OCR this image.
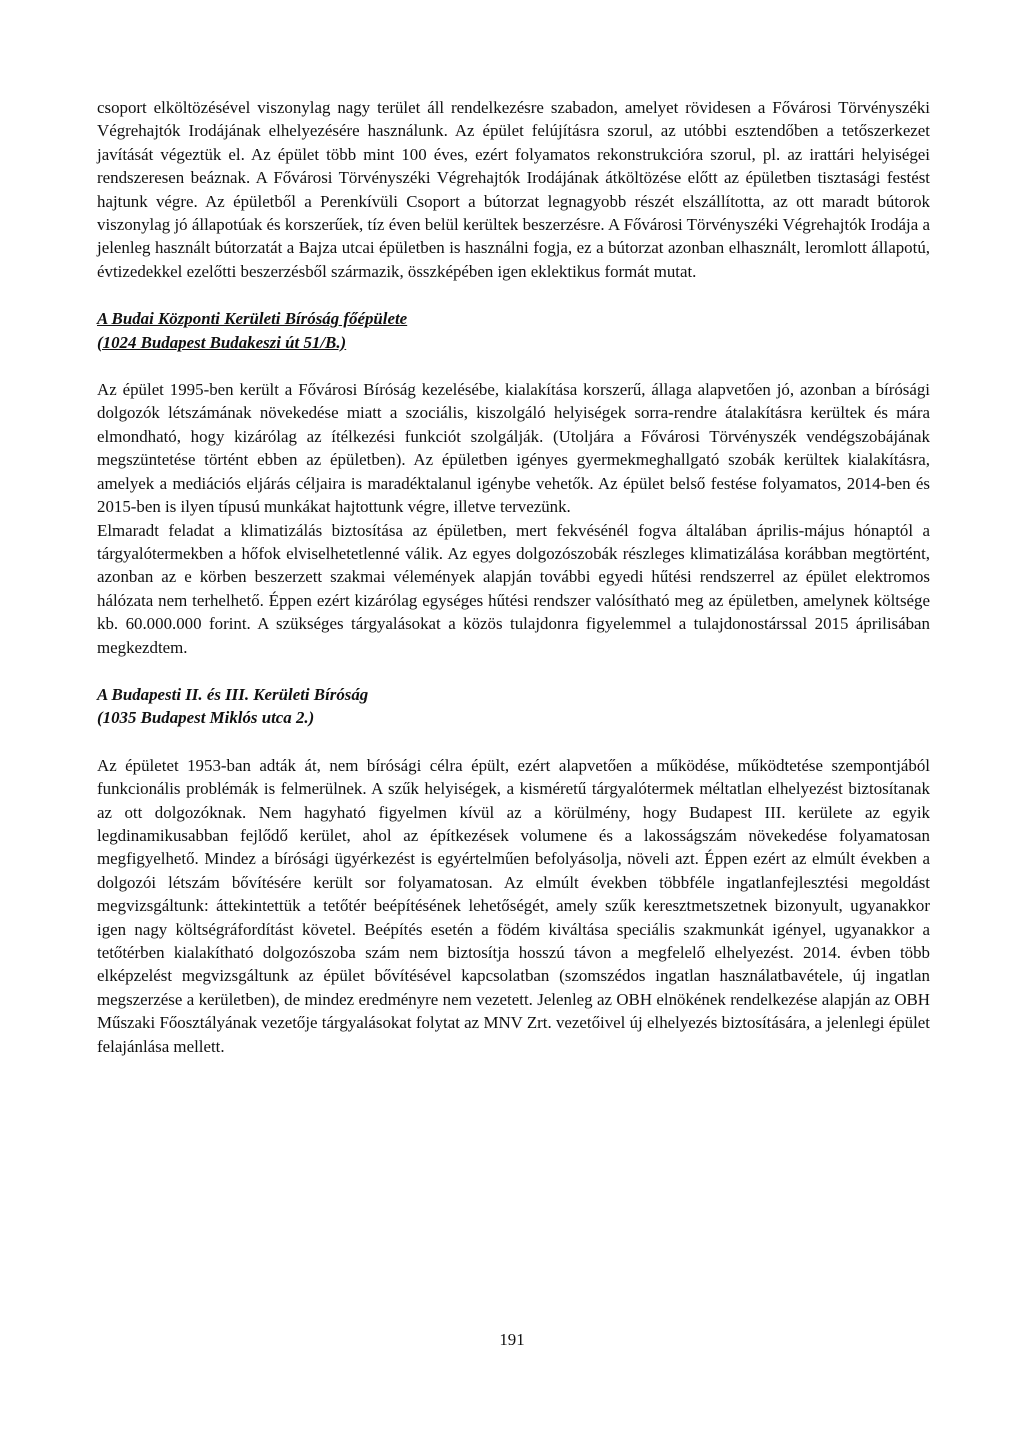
csoport elköltözésével viszonylag nagy terület áll rendelkezésre szabadon, amelyet rövidesen a Fővárosi Törvényszéki Végrehajtók Irodájának elhelyezésére használunk. Az épület felújításra szorul, az utóbbi esztendőben a tetőszerkezet javítását végeztük el. Az épület több mint 100 éves, ezért folyamatos rekonstrukcióra szorul, pl. az irattári helyiségei rendszeresen beáznak. A Fővárosi Törvényszéki Végrehajtók Irodájának átköltözése előtt az épületben tisztasági festést hajtunk végre. Az épületből a Perenkívüli Csoport a bútorzat legnagyobb részét elszállította, az ott maradt bútorok viszonylag jó állapotúak és korszerűek, tíz éven belül kerültek beszerzésre. A Fővárosi Törvényszéki Végrehajtók Irodája a jelenleg használt bútorzatát a Bajza utcai épületben is használni fogja, ez a bútorzat azonban elhasznált, leromlott állapotú, évtizedekkel ezelőtti beszerzésből származik, összképében igen eklektikus formát mutat.

A Budai Központi Kerületi Bíróság főépülete

(1024 Budapest Budakeszi út 51/B.)

Az épület 1995-ben került a Fővárosi Bíróság kezelésébe, kialakítása korszerű, állaga alapvetően jó, azonban a bírósági dolgozók létszámának növekedése miatt a szociális, kiszolgáló helyiségek sorra-rendre átalakításra kerültek és mára elmondható, hogy kizárólag az ítélkezési funkciót szolgálják. (Utoljára a Fővárosi Törvényszék vendégszobájának megszüntetése történt ebben az épületben). Az épületben igényes gyermekmeghallgató szobák kerültek kialakításra, amelyek a mediációs eljárás céljaira is maradéktalanul igénybe vehetők. Az épület belső festése folyamatos, 2014-ben és 2015-ben is ilyen típusú munkákat hajtottunk végre, illetve tervezünk.

Elmaradt feladat a klimatizálás biztosítása az épületben, mert fekvésénél fogva általában április-május hónaptól a tárgyalótermekben a hőfok elviselhetetlenné válik. Az egyes dolgozószobák részleges klimatizálása korábban megtörtént, azonban az e körben beszerzett szakmai vélemények alapján további egyedi hűtési rendszerrel az épület elektromos hálózata nem terhelhető. Éppen ezért kizárólag egységes hűtési rendszer valósítható meg az épületben, amelynek költsége kb. 60.000.000 forint. A szükséges tárgyalásokat a közös tulajdonra figyelemmel a tulajdonostárssal 2015 áprilisában megkezdtem.

A Budapesti II. és III. Kerületi Bíróság

(1035 Budapest Miklós utca 2.)

Az épületet 1953-ban adták át, nem bírósági célra épült, ezért alapvetően a működése, működtetése szempontjából funkcionális problémák is felmerülnek. A szűk helyiségek, a kisméretű tárgyalótermek méltatlan elhelyezést biztosítanak az ott dolgozóknak. Nem hagyható figyelmen kívül az a körülmény, hogy Budapest III. kerülete az egyik legdinamikusabban fejlődő kerület, ahol az építkezések volumene és a lakosságszám növekedése folyamatosan megfigyelhető. Mindez a bírósági ügyérkezést is egyértelműen befolyásolja, növeli azt. Éppen ezért az elmúlt években a dolgozói létszám bővítésére került sor folyamatosan. Az elmúlt években többféle ingatlanfejlesztési megoldást megvizsgáltunk: áttekintettük a tetőtér beépítésének lehetőségét, amely szűk keresztmetszetnek bizonyult, ugyanakkor igen nagy költségráfordítást követel. Beépítés esetén a födém kiváltása speciális szakmunkát igényel, ugyanakkor a tetőtérben kialakítható dolgozószoba szám nem biztosítja hosszú távon a megfelelő elhelyezést. 2014. évben több elképzelést megvizsgáltunk az épület bővítésével kapcsolatban (szomszédos ingatlan használatbavétele, új ingatlan megszerzése a kerületben), de mindez eredményre nem vezetett. Jelenleg az OBH elnökének rendelkezése alapján az OBH Műszaki Főosztályának vezetője tárgyalásokat folytat az MNV Zrt. vezetőivel új elhelyezés biztosítására, a jelenlegi épület felajánlása mellett.

191
